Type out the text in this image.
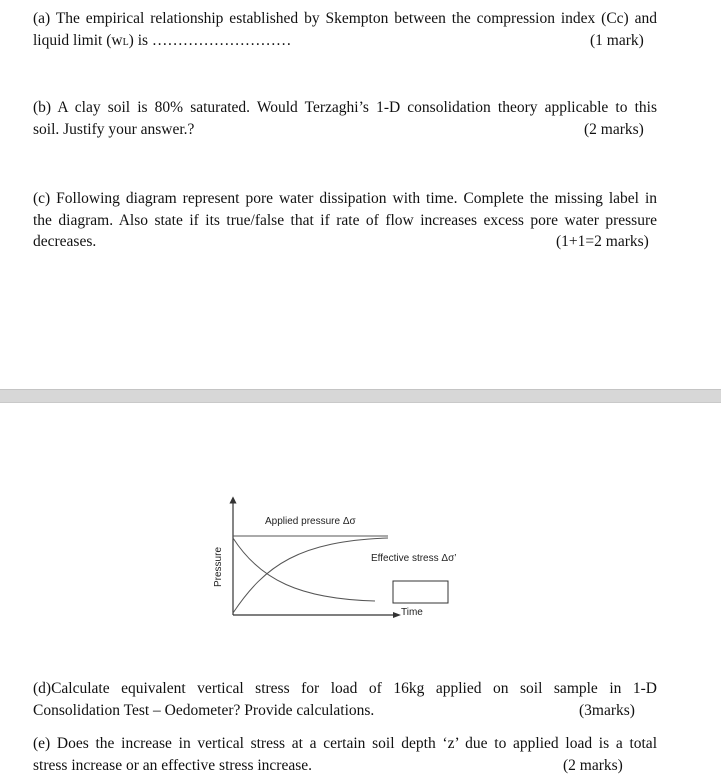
(a) The empirical relationship established by Skempton between the compression index (Cc) and
liquid limit (wL) is ………………………	(1 mark)
(b) A clay soil is 80% saturated. Would Terzaghi’s 1-D consolidation theory applicable to this
soil. Justify your answer.?	(2 marks)
(c) Following diagram represent pore water dissipation with time. Complete the missing label in
the diagram. Also state if its true/false that if rate of flow increases excess pore water pressure
decreases.	(1+1=2 marks)
Pressure
Applied pressure Δσ
Effective stress Δσ’
Time
(d)Calculate equivalent vertical stress for load of 16kg applied on soil sample in 1-D
Consolidation Test – Oedometer? Provide calculations.	(3marks)
(e) Does the increase in vertical stress at a certain soil depth ‘z’ due to applied load is a total
stress increase or an effective stress increase.	(2 marks)
